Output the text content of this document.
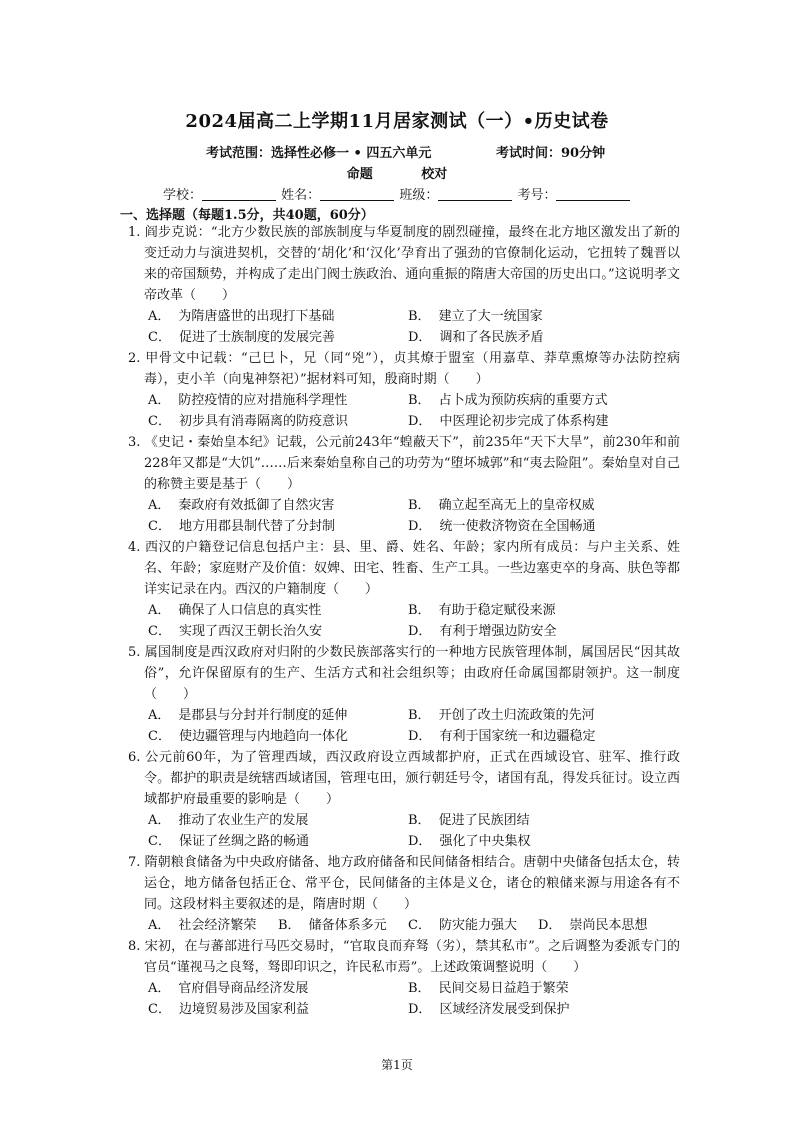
2024届高二上学期11月居家测试（一）•历史试卷
考试范围：选择性必修一 • 四五六单元	考试时间：90分钟
命题	校对
学校：	姓名：	班级：	考号：
一、选择题（每题1.5分，共40题，60分）

1. 阎步克说：“北方少数民族的部族制度与华夏制度的剧烈碰撞，最终在北方地区激发出了新的变迁动力与演进契机，交替的‘胡化’和‘汉化’孕育出了强劲的官僚制化运动，它扭转了魏晋以来的帝国颓势，并构成了走出门阀士族政治、通向重振的隋唐大帝国的历史出口。”这说明孝文帝改革（　　）

A． 为隋唐盛世的出现打下基础	B． 建立了大一统国家
C． 促进了士族制度的发展完善	D． 调和了各民族矛盾

2. 甲骨文中记载：“己巳卜，兄（同“兇”），贞其燎于盟室（用嘉草、莽草熏燎等办法防控病毒），吏小羊（向鬼神祭祀）”据材料可知，殷商时期（　　）

A． 防控疫情的应对措施科学理性	B． 占卜成为预防疾病的重要方式
C． 初步具有消毒隔离的防疫意识	D． 中医理论初步完成了体系构建

3. 《史记・秦始皇本纪》记载，公元前243年“蝗蔽天下”，前235年“天下大旱”，前230年和前228年又都是“大饥”……后来秦始皇称自己的功劳为“堕坏城郭”和“夷去险阻”。秦始皇对自己的称赞主要是基于（　　）

A． 秦政府有效抵御了自然灾害	B． 确立起至高无上的皇帝权威
C． 地方用郡县制代替了分封制	D． 统一使救济物资在全国畅通

4. 西汉的户籍登记信息包括户主：县、里、爵、姓名、年龄；家内所有成员：与户主关系、姓名、年龄；家庭财产及价值：奴婢、田宅、牲畜、生产工具。一些边塞吏卒的身高、肤色等都详实记录在内。西汉的户籍制度（　　）

A． 确保了人口信息的真实性	B． 有助于稳定赋役来源
C． 实现了西汉王朝长治久安	D． 有利于增强边防安全

5. 属国制度是西汉政府对归附的少数民族部落实行的一种地方民族管理体制，属国居民“因其故俗”，允许保留原有的生产、生活方式和社会组织等；由政府任命属国都尉领护。这一制度（　　）

A． 是郡县与分封并行制度的延伸	B． 开创了改土归流政策的先河
C． 使边疆管理与内地趋向一体化	D． 有利于国家统一和边疆稳定

6. 公元前60年，为了管理西域，西汉政府设立西域都护府，正式在西域设官、驻军、推行政令。都护的职责是统辖西域诸国，管理屯田，颁行朝廷号令，诸国有乱，得发兵征讨。设立西域都护府最重要的影响是（　　）

A． 推动了农业生产的发展	B． 促进了民族团结
C． 保证了丝绸之路的畅通	D． 强化了中央集权

7. 隋朝粮食储备为中央政府储备、地方政府储备和民间储备相结合。唐朝中央储备包括太仓，转运仓，地方储备包括正仓、常平仓，民间储备的主体是义仓，诸仓的粮储来源与用途各有不同。这段材料主要叙述的是，隋唐时期（　　）

A． 社会经济繁荣	B． 储备体系多元	C． 防灾能力强大	D． 崇尚民本思想

8. 宋初，在与蕃部进行马匹交易时，“官取良而弃驽（劣），禁其私市”。之后调整为委派专门的官员“谨视马之良驽，驽即印识之，许民私市焉”。上述政策调整说明（　　）

A． 官府倡导商品经济发展	B． 民间交易日益趋于繁荣
C． 边境贸易涉及国家利益	D． 区域经济发展受到保护
第1页
